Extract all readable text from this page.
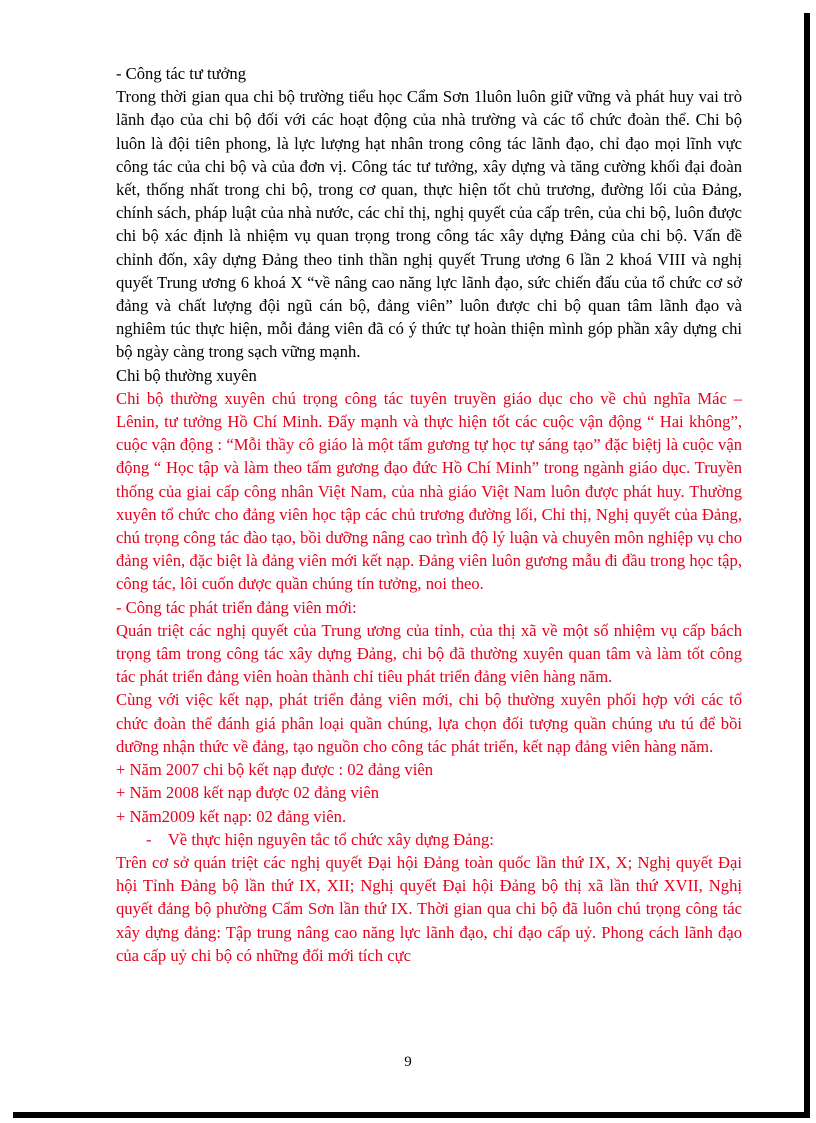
- Công tác tư tưởng

Trong thời gian qua chi bộ trường tiểu học Cẩm Sơn 1luôn luôn giữ vững và phát huy vai trò lãnh đạo của chi bộ đối với các hoạt động của nhà trường và các tổ chức đoàn thể. Chi bộ luôn là đội tiên phong, là lực lượng hạt nhân trong công tác lãnh đạo, chỉ đạo mọi lĩnh vực công tác của chi bộ và của đơn vị. Công tác tư tưởng, xây dựng và tăng cường khối đại đoàn kết, thống nhất trong chi bộ, trong cơ quan, thực hiện tốt chủ trương, đường lối của Đảng, chính sách, pháp luật của nhà nước, các chỉ thị, nghị quyết của cấp trên, của chi bộ, luôn được chi bộ xác định là nhiệm vụ quan trọng trong công tác xây dựng Đảng của chi bộ. Vấn đề chỉnh đốn, xây dựng Đảng theo tinh thần nghị quyết Trung ương 6 lần 2 khoá VIII và nghị quyết Trung ương 6 khoá X “về nâng cao năng lực lãnh đạo, sức chiến đấu của tổ chức cơ sở đảng và chất lượng đội ngũ cán bộ, đảng viên” luôn được chi bộ quan tâm lãnh đạo và nghiêm túc thực hiện, mỗi đảng viên đã có ý thức tự hoàn thiện mình góp phần xây dựng chi bộ ngày càng trong sạch vững mạnh.

Chi bộ thường xuyên

Chi bộ thường xuyên chú trọng công tác tuyên truyền giáo dục cho về chủ nghĩa Mác – Lênin, tư tưởng Hồ Chí Minh. Đẩy mạnh và thực hiện tốt các cuộc vận động “ Hai không”, cuộc vận động : “Mỗi thầy cô giáo là một tấm gương tự học tự sáng tạo” đặc biệtj là cuộc vận động “ Học tập và làm theo tấm gương đạo đức Hồ Chí Minh” trong ngành giáo dục. Truyền thống của giai cấp công nhân Việt Nam, của nhà giáo Việt Nam luôn được phát huy. Thường xuyên tổ chức cho đảng viên học tập các chủ trương đường lối, Chỉ thị, Nghị quyết của Đảng, chú trọng công tác đào tạo, bồi dưỡng nâng cao trình độ lý luận và chuyên môn nghiệp vụ cho đảng viên, đặc biệt là đảng viên mới kết nạp. Đảng viên luôn gương mẫu đi đầu trong học tập, công tác, lôi cuốn được quần chúng tín tưởng, noi theo.

- Công tác phát triển đảng viên mới:

Quán triệt các nghị quyết của Trung ương của tỉnh, của thị xã về một số nhiệm vụ cấp bách trọng tâm trong công tác xây dựng Đảng, chi bộ đã thường xuyên quan tâm và làm tốt công tác phát triển đảng viên hoàn thành chỉ tiêu phát triển đảng viên hàng năm.

Cùng với việc kết nạp, phát triển đảng viên mới, chi bộ thường xuyên phối hợp với các tổ chức đoàn thể đánh giá phân loại quần chúng, lựa chọn đối tượng quần chúng ưu tú để bồi dưỡng nhận thức về đảng, tạo nguồn cho công tác phát triển, kết nạp đảng viên hàng năm.

+ Năm 2007 chi bộ kết nạp được : 02 đảng viên

+ Năm 2008 kết nạp được 02 đảng viên

+ Năm2009 kết nạp: 02 đảng viên.

-    Về thực hiện nguyên tắc tổ chức xây dựng Đảng:

Trên cơ sở quán triệt các nghị quyết Đại hội Đảng toàn quốc lần thứ IX, X; Nghị quyết Đại hội Tỉnh Đảng bộ lần thứ IX, XII; Nghị quyết Đại hội Đảng bộ thị xã lần thứ XVII, Nghị quyết đảng bộ phường Cẩm Sơn lần thứ IX. Thời gian qua chi bộ đã luôn chú trọng công tác xây dựng đảng: Tập trung nâng cao năng lực lãnh đạo, chỉ đạo cấp uỷ. Phong cách lãnh đạo của cấp uỷ chi bộ có những đổi mới tích cực

9
